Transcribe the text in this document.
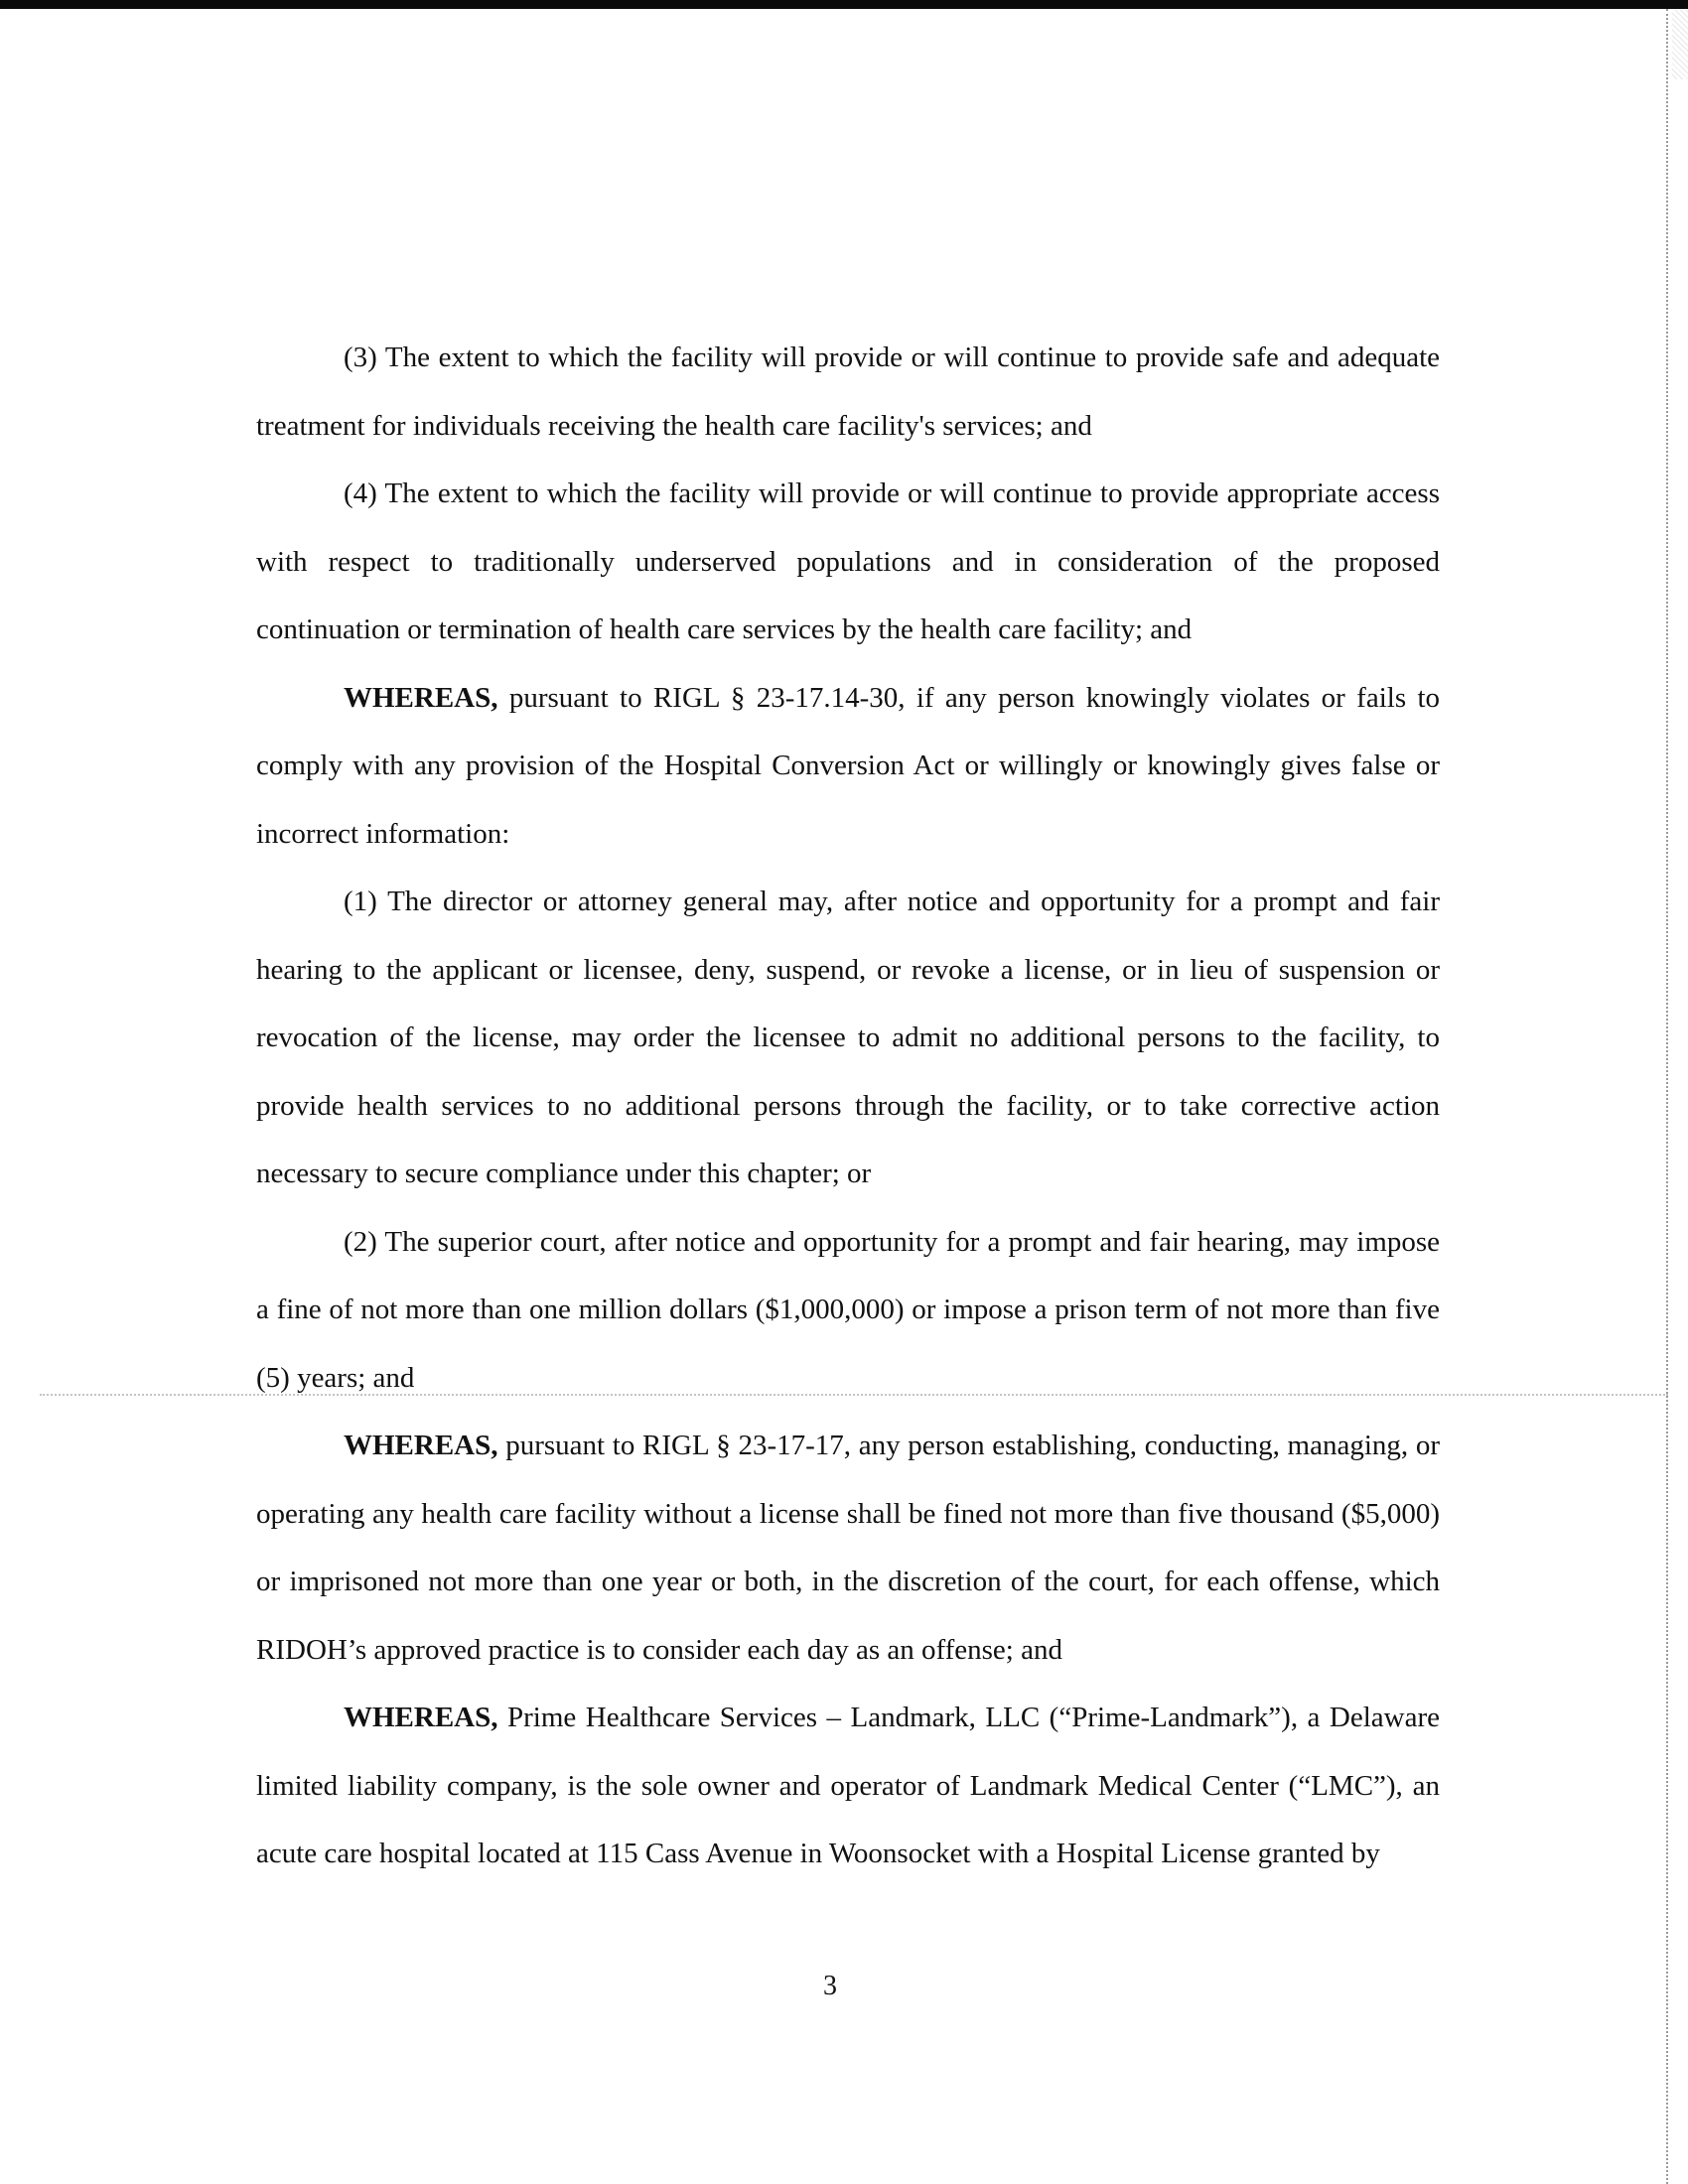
(3) The extent to which the facility will provide or will continue to provide safe and adequate treatment for individuals receiving the health care facility's services; and

(4) The extent to which the facility will provide or will continue to provide appropriate access with respect to traditionally underserved populations and in consideration of the proposed continuation or termination of health care services by the health care facility; and

WHEREAS, pursuant to RIGL § 23-17.14-30, if any person knowingly violates or fails to comply with any provision of the Hospital Conversion Act or willingly or knowingly gives false or incorrect information:

(1) The director or attorney general may, after notice and opportunity for a prompt and fair hearing to the applicant or licensee, deny, suspend, or revoke a license, or in lieu of suspension or revocation of the license, may order the licensee to admit no additional persons to the facility, to provide health services to no additional persons through the facility, or to take corrective action necessary to secure compliance under this chapter; or

(2) The superior court, after notice and opportunity for a prompt and fair hearing, may impose a fine of not more than one million dollars ($1,000,000) or impose a prison term of not more than five (5) years; and

WHEREAS, pursuant to RIGL § 23-17-17, any person establishing, conducting, managing, or operating any health care facility without a license shall be fined not more than five thousand ($5,000) or imprisoned not more than one year or both, in the discretion of the court, for each offense, which RIDOH’s approved practice is to consider each day as an offense; and

WHEREAS, Prime Healthcare Services – Landmark, LLC (“Prime-Landmark”), a Delaware limited liability company, is the sole owner and operator of Landmark Medical Center (“LMC”), an acute care hospital located at 115 Cass Avenue in Woonsocket with a Hospital License granted by

3
